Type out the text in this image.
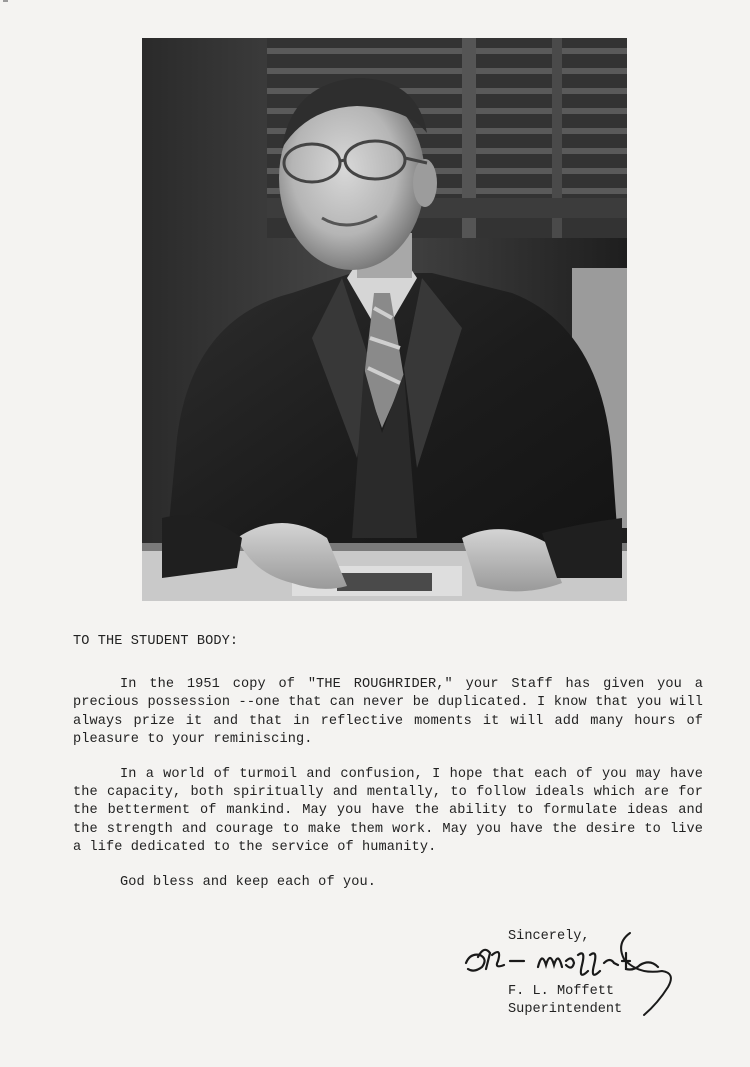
TO THE STUDENT BODY:

In the 1951 copy of "THE ROUGHRIDER," your Staff has given you a precious possession --one that can never be duplicated. I know that you will always prize it and that in reflective moments it will add many hours of pleasure to your reminiscing.

In a world of turmoil and confusion, I hope that each of you may have the capacity, both spiritually and mentally, to follow ideals which are for the betterment of mankind. May you have the ability to formulate ideas and the strength and courage to make them work. May you have the desire to live a life dedicated to the service of humanity.

God bless and keep each of you.
Sincerely,
F. L. Moffett
Superintendent
